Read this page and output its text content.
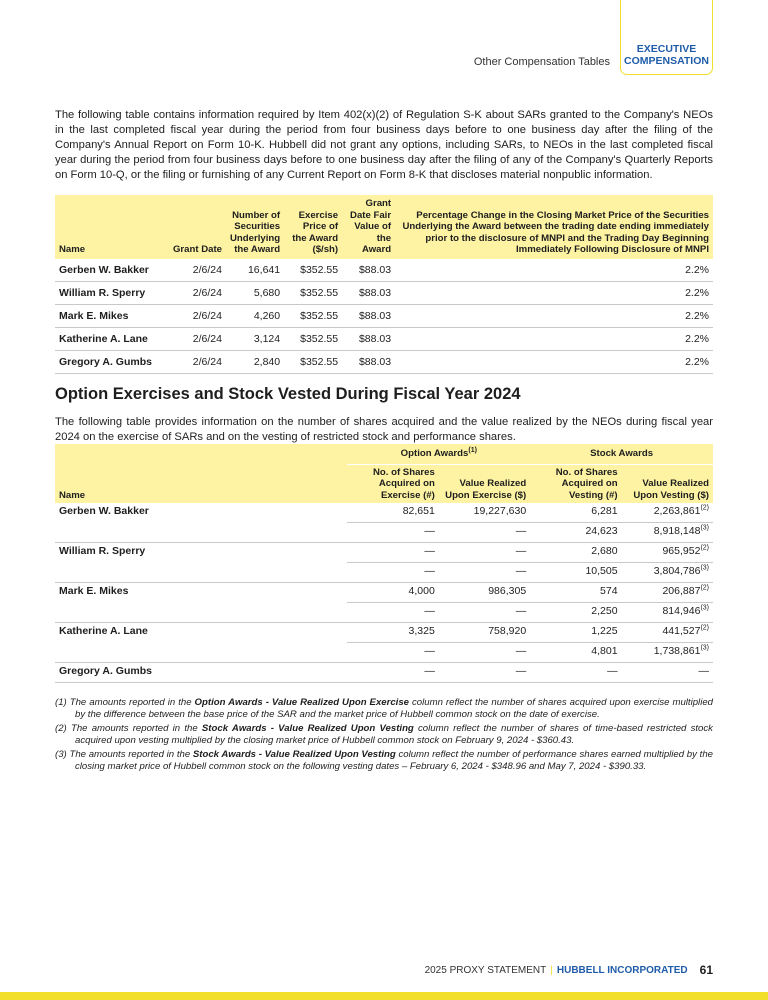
EXECUTIVE
COMPENSATION
Other Compensation Tables

The following table contains information required by Item 402(x)(2) of Regulation S-K about SARs granted to the Company's NEOs in the last completed fiscal year during the period from four business days before to one business day after the filing of the Company's Annual Report on Form 10-K. Hubbell did not grant any options, including SARs, to NEOs in the last completed fiscal year during the period from four business days before to one business day after the filing of any of the Company's Quarterly Reports on Form 10-Q, or the filing or furnishing of any Current Report on Form 8-K that discloses material nonpublic information.

Name	Grant Date	Number of Securities Underlying the Award	Exercise Price of the Award ($/sh)	Grant Date Fair Value of the Award	Percentage Change in the Closing Market Price of the Securities Underlying the Award between the trading date ending immediately prior to the disclosure of MNPI and the Trading Day Beginning Immediately Following Disclosure of MNPI
Gerben W. Bakker	2/6/24	16,641	$352.55	$88.03	2.2%
William R. Sperry	2/6/24	5,680	$352.55	$88.03	2.2%
Mark E. Mikes	2/6/24	4,260	$352.55	$88.03	2.2%
Katherine A. Lane	2/6/24	3,124	$352.55	$88.03	2.2%
Gregory A. Gumbs	2/6/24	2,840	$352.55	$88.03	2.2%
Option Exercises and Stock Vested During Fiscal Year 2024

The following table provides information on the number of shares acquired and the value realized by the NEOs during fiscal year 2024 on the exercise of SARs and on the vesting of restricted stock and performance shares.

	Option Awards$^{(1)}$		Stock Awards	
Name	No. of Shares Acquired on Exercise (#)	Value Realized Upon Exercise ($)	No. of Shares Acquired on Vesting (#)	Value Realized Upon Vesting ($)
Gerben W. Bakker	82,651	19,227,630	6,281	2,263,861$^{(2)}$
	—	—	24,623	8,918,148$^{(3)}$
William R. Sperry	—	—	2,680	965,952$^{(2)}$
	—	—	10,505	3,804,786$^{(3)}$
Mark E. Mikes	4,000	986,305	574	206,887$^{(2)}$
	—	—	2,250	814,946$^{(3)}$
Katherine A. Lane	3,325	758,920	1,225	441,527$^{(2)}$
	—	—	4,801	1,738,861$^{(3)}$
Gregory A. Gumbs	—	—	—	—
(1) The amounts reported in the Option Awards - Value Realized Upon Exercise column reflect the number of shares acquired upon exercise multiplied by the difference between the base price of the SAR and the market price of Hubbell common stock on the date of exercise.
(2) The amounts reported in the Stock Awards - Value Realized Upon Vesting column reflect the number of shares of time-based restricted stock acquired upon vesting multiplied by the closing market price of Hubbell common stock on February 9, 2024 - $360.43.
(3) The amounts reported in the Stock Awards - Value Realized Upon Vesting column reflect the number of performance shares earned multiplied by the closing market price of Hubbell common stock on the following vesting dates – February 6, 2024 - $348.96 and May 7, 2024 - $390.33.
2025 PROXY STATEMENT | HUBBELL INCORPORATED 61
